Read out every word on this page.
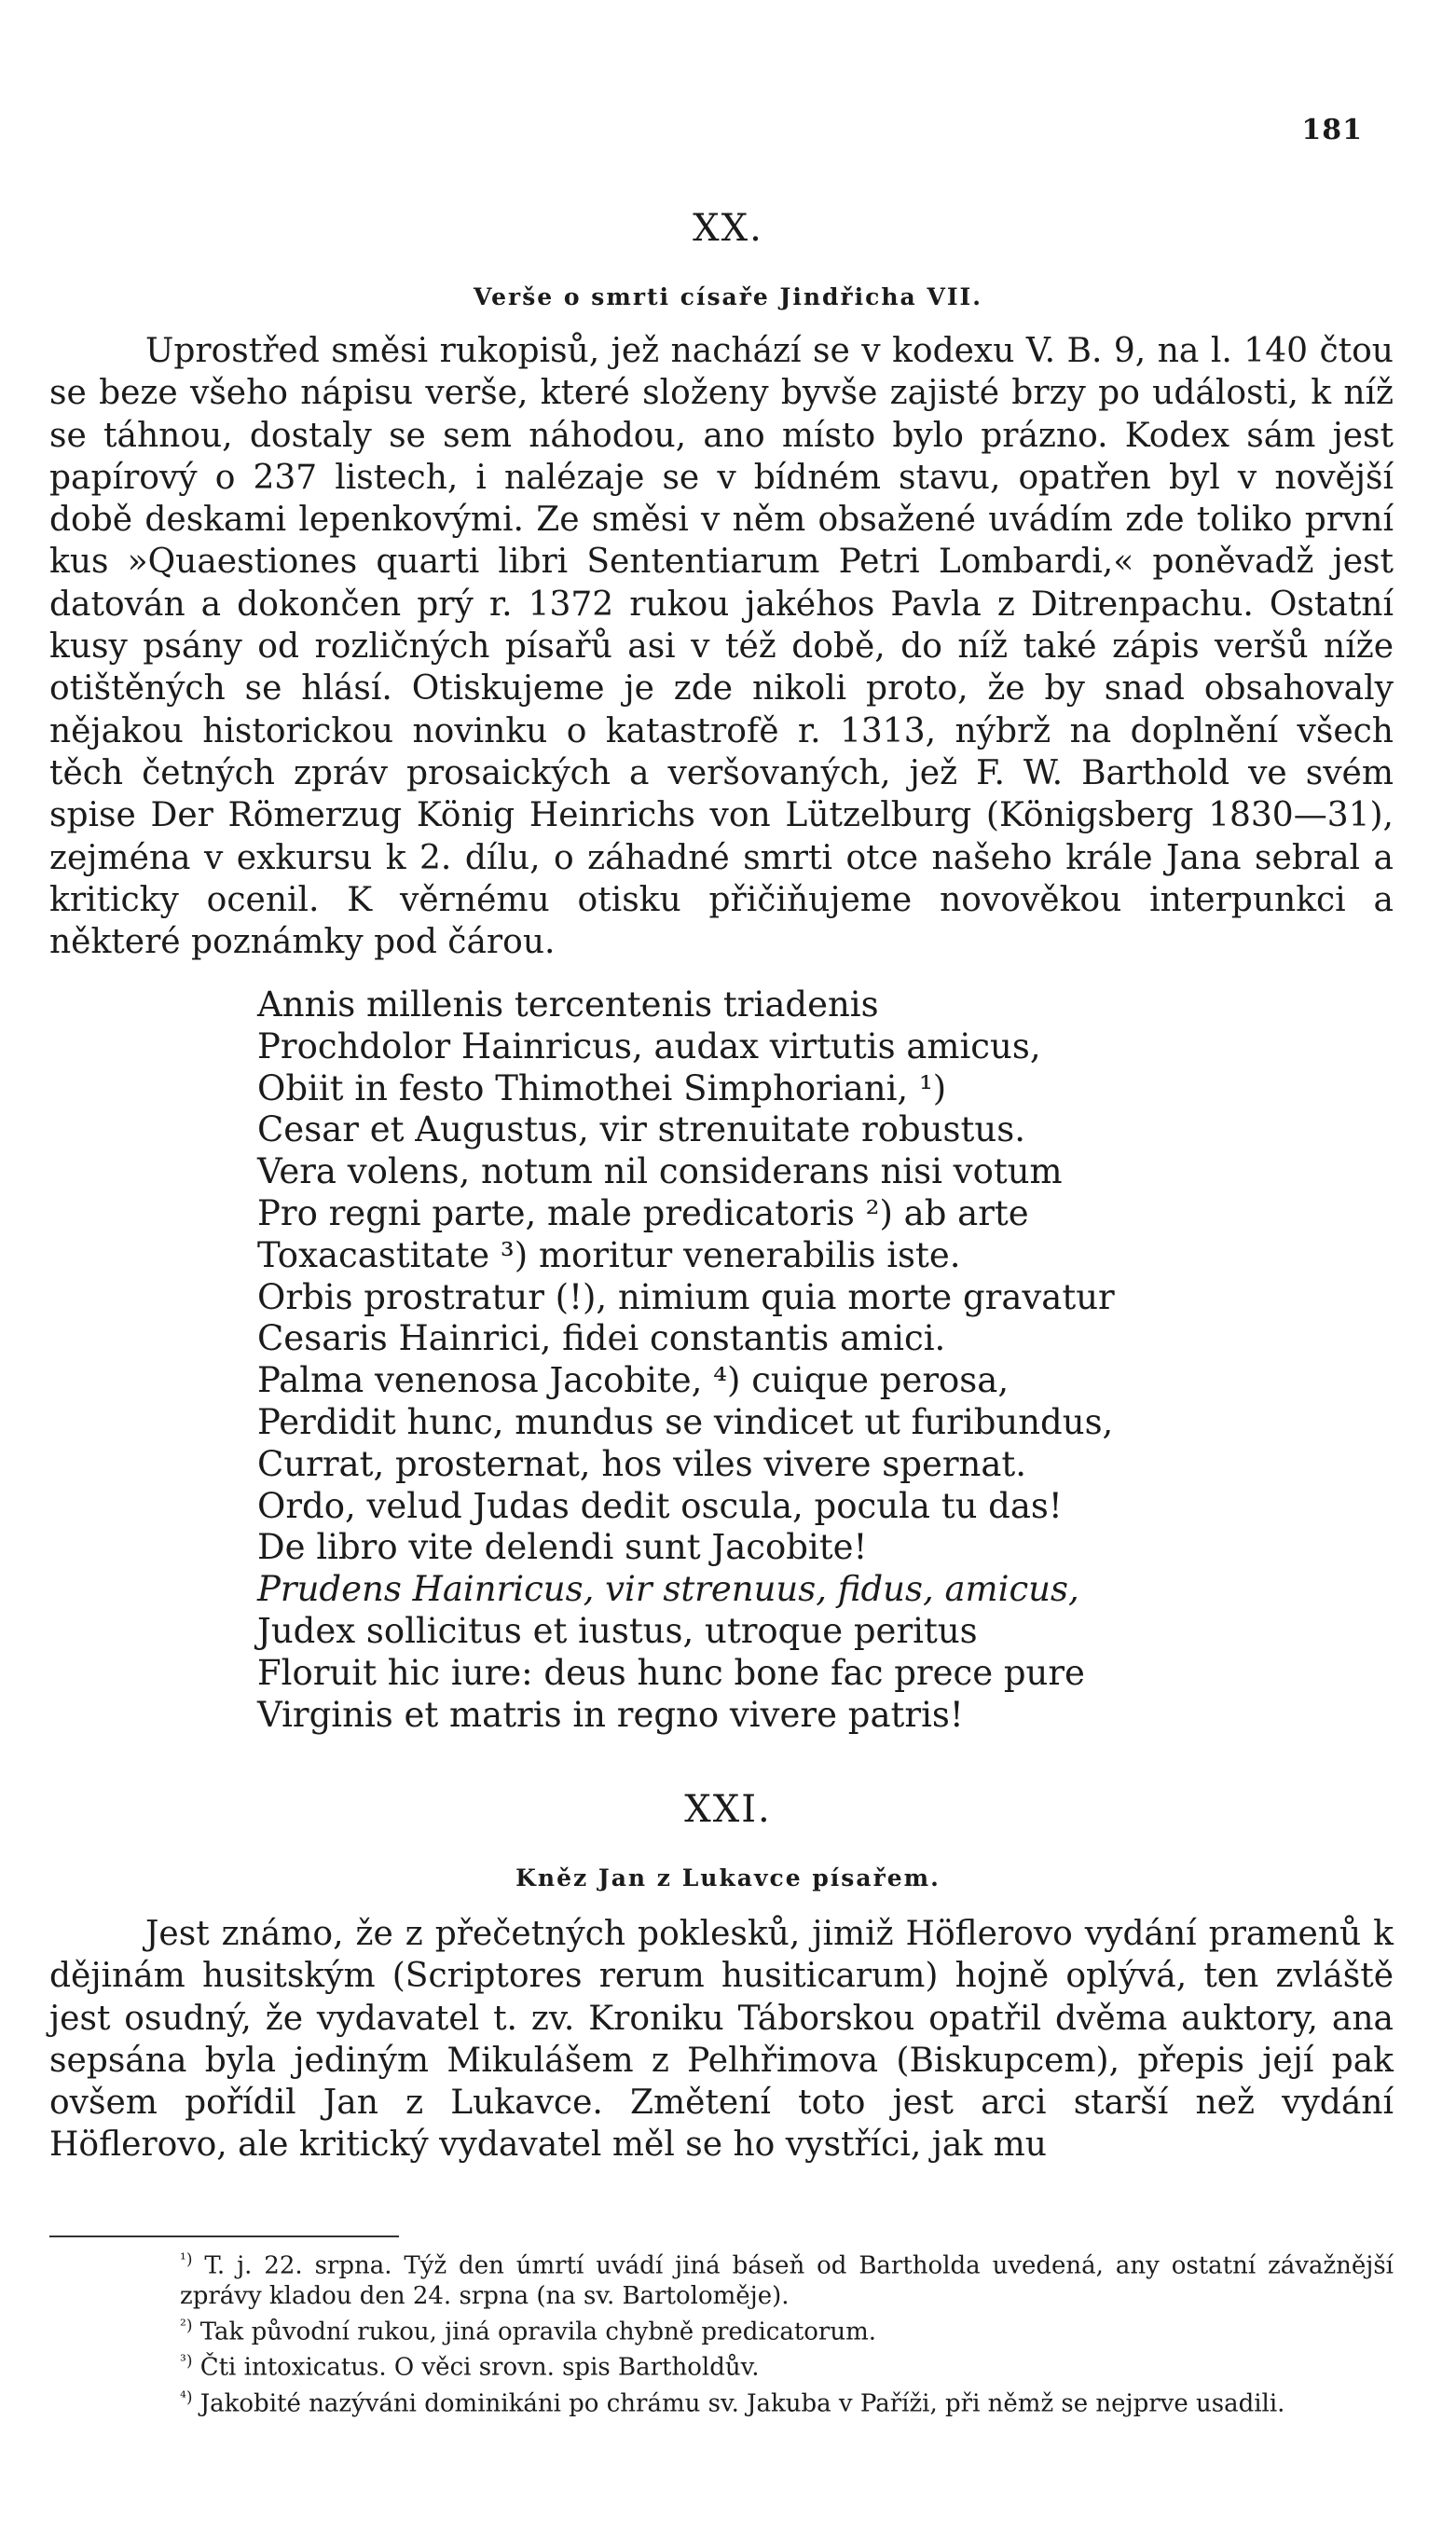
181
XX.
Verše o smrti císaře Jindřicha VII.

Uprostřed směsi rukopisů, jež nachází se v kodexu V. B. 9, na l. 140 čtou se beze všeho nápisu verše, které složeny byvše zajisté brzy po události, k níž se táhnou, dostaly se sem náhodou, ano místo bylo prázno. Kodex sám jest papírový o 237 listech, i nalézaje se v bídném stavu, opatřen byl v novější době deskami lepenkovými. Ze směsi v něm obsažené uvádím zde toliko první kus »Quaestiones quarti libri Sententiarum Petri Lombardi,« poněvadž jest datován a dokončen prý r. 1372 rukou jakéhos Pavla z Ditrenpachu. Ostatní kusy psány od rozličných písařů asi v též době, do níž také zápis veršů níže otištěných se hlásí. Otiskujeme je zde nikoli proto, že by snad obsahovaly nějakou historickou novinku o katastrofě r. 1313, nýbrž na doplnění všech těch četných zpráv prosaických a veršovaných, jež F. W. Barthold ve svém spise Der Römerzug König Heinrichs von Lützelburg (Königsberg 1830—31), zejména v exkursu k 2. dílu, o záhadné smrti otce našeho krále Jana sebral a kriticky ocenil. K věrnému otisku přičiňujeme novověkou interpunkci a některé poznámky pod čárou.

Annis millenis tercentenis triadenis
Prochdolor Hainricus, audax virtutis amicus,
Obiit in festo Thimothei Simphoriani, ¹)
Cesar et Augustus, vir strenuitate robustus.
Vera volens, notum nil considerans nisi votum
Pro regni parte, male predicatoris ²) ab arte
Toxacastitate ³) moritur venerabilis iste.
Orbis prostratur (!), nimium quia morte gravatur
Cesaris Hainrici, fidei constantis amici.
Palma venenosa Jacobite, ⁴) cuique perosa,
Perdidit hunc, mundus se vindicet ut furibundus,
Currat, prosternat, hos viles vivere spernat.
Ordo, velud Judas dedit oscula, pocula tu das!
De libro vite delendi sunt Jacobite!
Prudens Hainricus, vir strenuus, fidus, amicus,
Judex sollicitus et iustus, utroque peritus
Floruit hic iure: deus hunc bone fac prece pure
Virginis et matris in regno vivere patris!
XXI.
Kněz Jan z Lukavce písařem.

Jest známo, že z přečetných poklesků, jimiž Höflerovo vydání pramenů k dějinám husitským (Scriptores rerum husiticarum) hojně oplývá, ten zvláště jest osudný, že vydavatel t. zv. Kroniku Táborskou opatřil dvěma auktory, ana sepsána byla jediným Mikulášem z Pelhřimova (Biskupcem), přepis její pak ovšem pořídil Jan z Lukavce. Změtení toto jest arci starší než vydání Höflerovo, ale kritický vydavatel měl se ho vystříci, jak mu

$^{^1)}$ T. j. 22. srpna. Týž den úmrtí uvádí jiná báseň od Bartholda uvedená, any ostatní závažnější zprávy kladou den 24. srpna (na sv. Bartoloměje).
$^{^2)}$ Tak původní rukou, jiná opravila chybně predicatorum.
$^{^3)}$ Čti intoxicatus. O věci srovn. spis Bartholdův.
$^{^4)}$ Jakobité nazýváni dominikáni po chrámu sv. Jakuba v Paříži, při němž se nejprve usadili.
